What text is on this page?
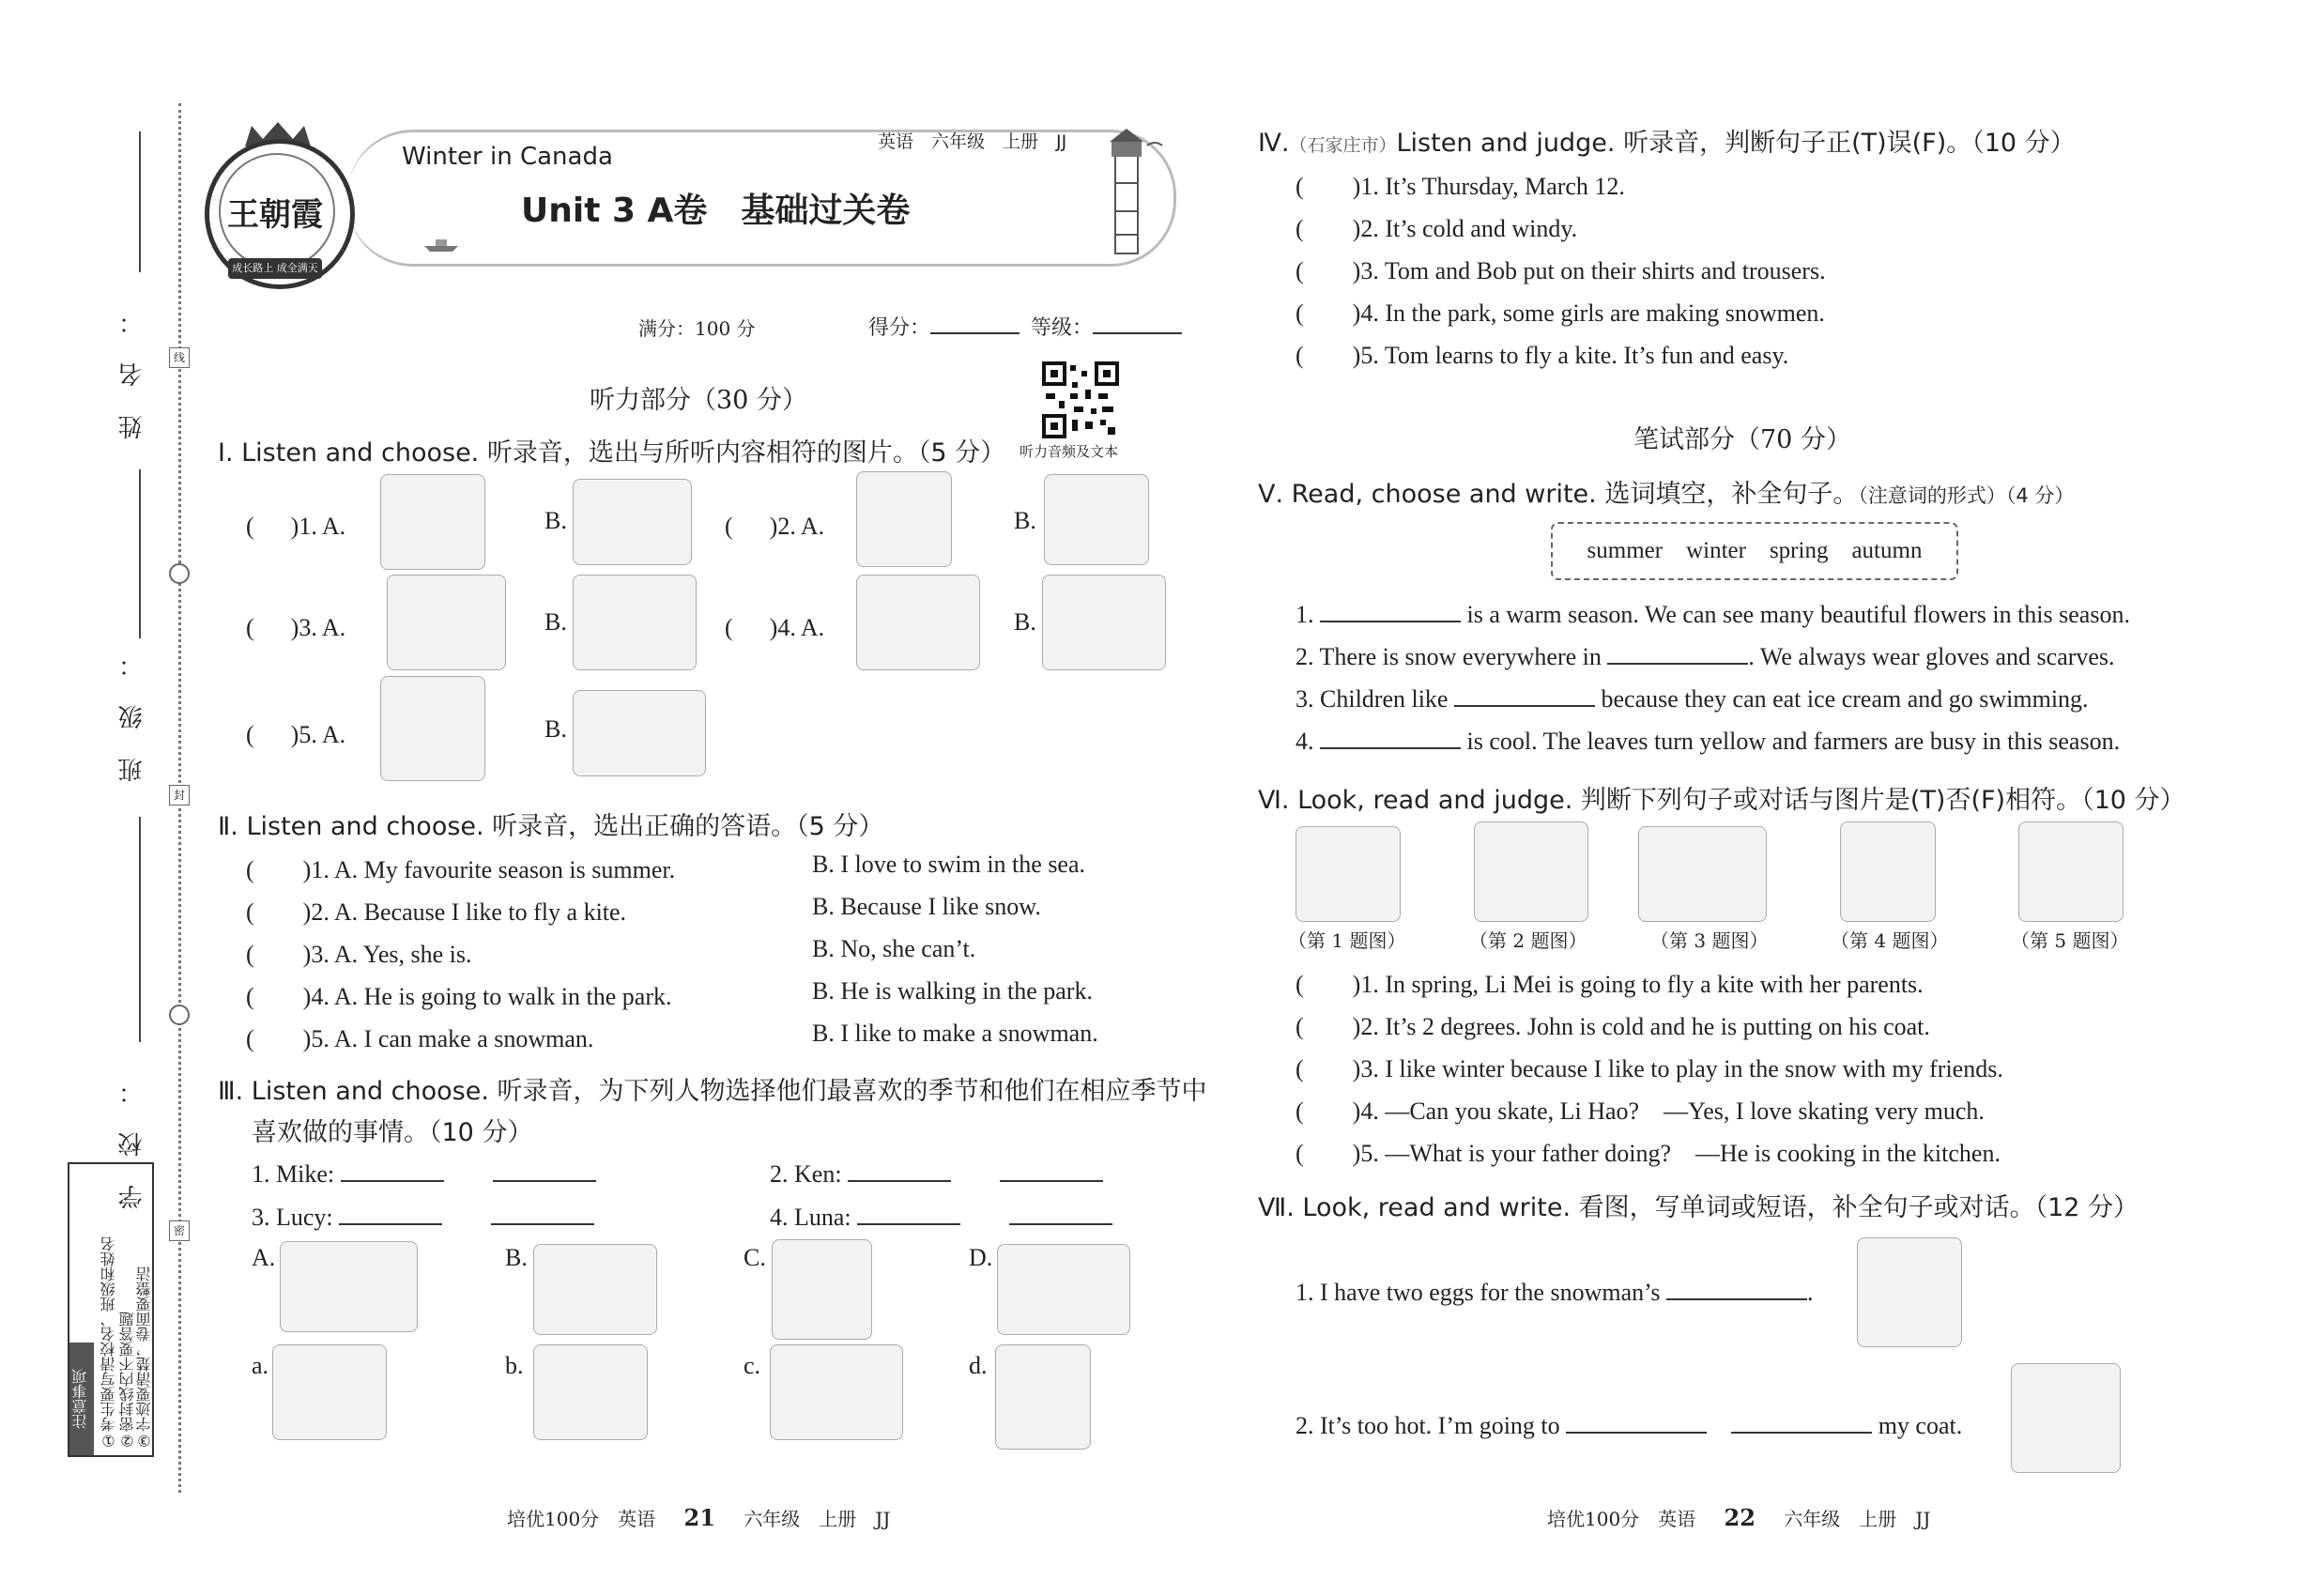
姓名：
班级：
学校：
线
封
密
注意事项 ①考生要写清校名、班级和姓名 ②密封线内不要答题 ③字迹要清楚，卷面要整洁
王朝霞
成长路上 成全满天
Winter in Canada
英语　六年级　上册　JJ
Unit 3 A卷　基础过关卷
满分：100 分	得分：	等级：
听力音频及文本
听力部分（30 分）
Ⅰ. Listen and choose. 听录音，选出与所听内容相符的图片。（5 分）
( 　 )1. A.	B.	( 　 )2. A.	B.
( 　 )3. A.	B.	( 　 )4. A.	B.
( 　 )5. A.	B.
Ⅱ. Listen and choose. 听录音，选出正确的答语。（5 分）
(　　)1. A. My favourite season is summer.	B. I love to swim in the sea.
(　　)2. A. Because I like to fly a kite.	B. Because I like snow.
(　　)3. A. Yes, she is.	B. No, she can’t.
(　　)4. A. He is going to walk in the park.	B. He is walking in the park.
(　　)5. A. I can make a snowman.	B. I like to make a snowman.
Ⅲ. Listen and choose. 听录音，为下列人物选择他们最喜欢的季节和他们在相应季节中
喜欢做的事情。（10 分）
1. Mike: 　　	2. Ken: 　　
3. Lucy: 　　	4. Luna: 　　
A.	B.	C.	D.
a.	b.	c.	d.
培优100分　英语 21 六年级　上册　JJ
Ⅳ.（石家庄市）Listen and judge. 听录音，判断句子正(T)误(F)。（10 分）
(　　)1. It’s Thursday, March 12.
(　　)2. It’s cold and windy.
(　　)3. Tom and Bob put on their shirts and trousers.
(　　)4. In the park, some girls are making snowmen.
(　　)5. Tom learns to fly a kite. It’s fun and easy.
笔试部分（70 分）
Ⅴ. Read, choose and write. 选词填空，补全句子。（注意词的形式）（4 分）
summer　winter　spring　autumn
1.	is a warm season. We can see many beautiful flowers in this season.
2. There is snow everywhere in	. We always wear gloves and scarves.
3. Children like	because they can eat ice cream and go swimming.
4.	is cool. The leaves turn yellow and farmers are busy in this season.
Ⅵ. Look, read and judge. 判断下列句子或对话与图片是(T)否(F)相符。（10 分）
（第 1 题图）	（第 2 题图）	（第 3 题图）	（第 4 题图）	（第 5 题图）
(　　)1. In spring, Li Mei is going to fly a kite with her parents.
(　　)2. It’s 2 degrees. John is cold and he is putting on his coat.
(　　)3. I like winter because I like to play in the snow with my friends.
(　　)4. —Can you skate, Li Hao?　—Yes, I love skating very much.
(　　)5. —What is your father doing?　—He is cooking in the kitchen.
Ⅶ. Look, read and write. 看图，写单词或短语，补全句子或对话。（12 分）
1. I have two eggs for the snowman’s	.
2. It’s too hot. I’m going to 　	my coat.
培优100分　英语 22 六年级　上册　JJ
